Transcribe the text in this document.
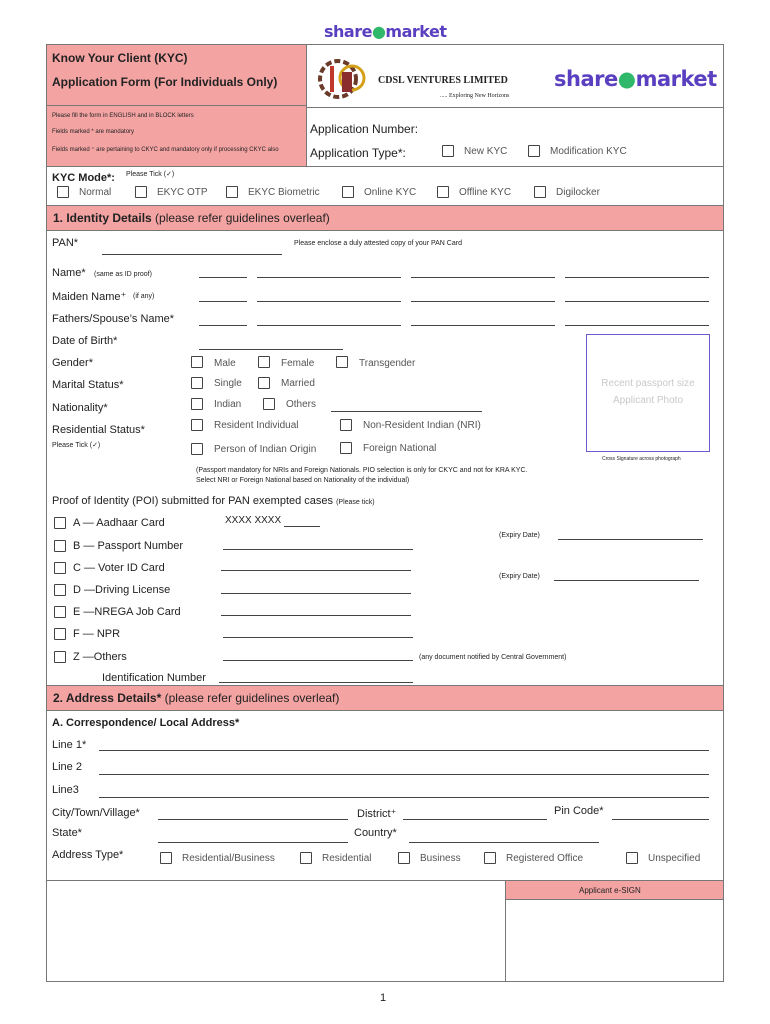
share●market
Know Your Client (KYC)
Application Form (For Individuals Only)
Please fill the form in ENGLISH and in BLOCK letters
Fields marked * are mandatory
Fields marked ⁺ are pertaining to CKYC and mandatory only if processing CKYC also
CDSL VENTURES LIMITED
..... Exploring New Horizons
share●market
Application Number:
Application Type*:	New KYC	Modification KYC
KYC Mode*: Please Tick (✓)
Normal	EKYC OTP	EKYC Biometric	Online KYC	Offline KYC	Digilocker
1. Identity Details (please refer guidelines overleaf)
PAN*	Please enclose a duly attested copy of your PAN Card
Name* (same as ID proof)
Maiden Name⁺ (if any)
Fathers/Spouse’s Name*
Date of Birth*
Gender*	Male	Female	Transgender
Marital Status*	Single	Married
Nationality*	Indian	Others
Residential Status*
Please Tick (✓)
Resident Individual	Non-Resident Indian (NRI)
Person of Indian Origin	Foreign National
(Passport mandatory for NRIs and Foreign Nationals. PIO selection is only for CKYC and not for KRA KYC.
Select NRI or Foreign National based on Nationality of the individual)
Recent passport size
Applicant Photo
Cross Signature across photograph
Proof of Identity (POI) submitted for PAN exempted cases (Please tick)
A — Aadhaar Card	XXXX XXXX
B — Passport Number
(Expiry Date)
C — Voter ID Card
D —Driving License
(Expiry Date)
E —NREGA Job Card
F — NPR
Z —Others	(any document notified by Central Government)
Identification Number
2. Address Details* (please refer guidelines overleaf)
A. Correspondence/ Local Address*
Line 1*
Line 2
Line3
City/Town/Village*	District⁺	Pin Code*
State*	Country*
Address Type*	Residential/Business	Residential	Business	Registered Office	Unspecified
Applicant e-SIGN
1
